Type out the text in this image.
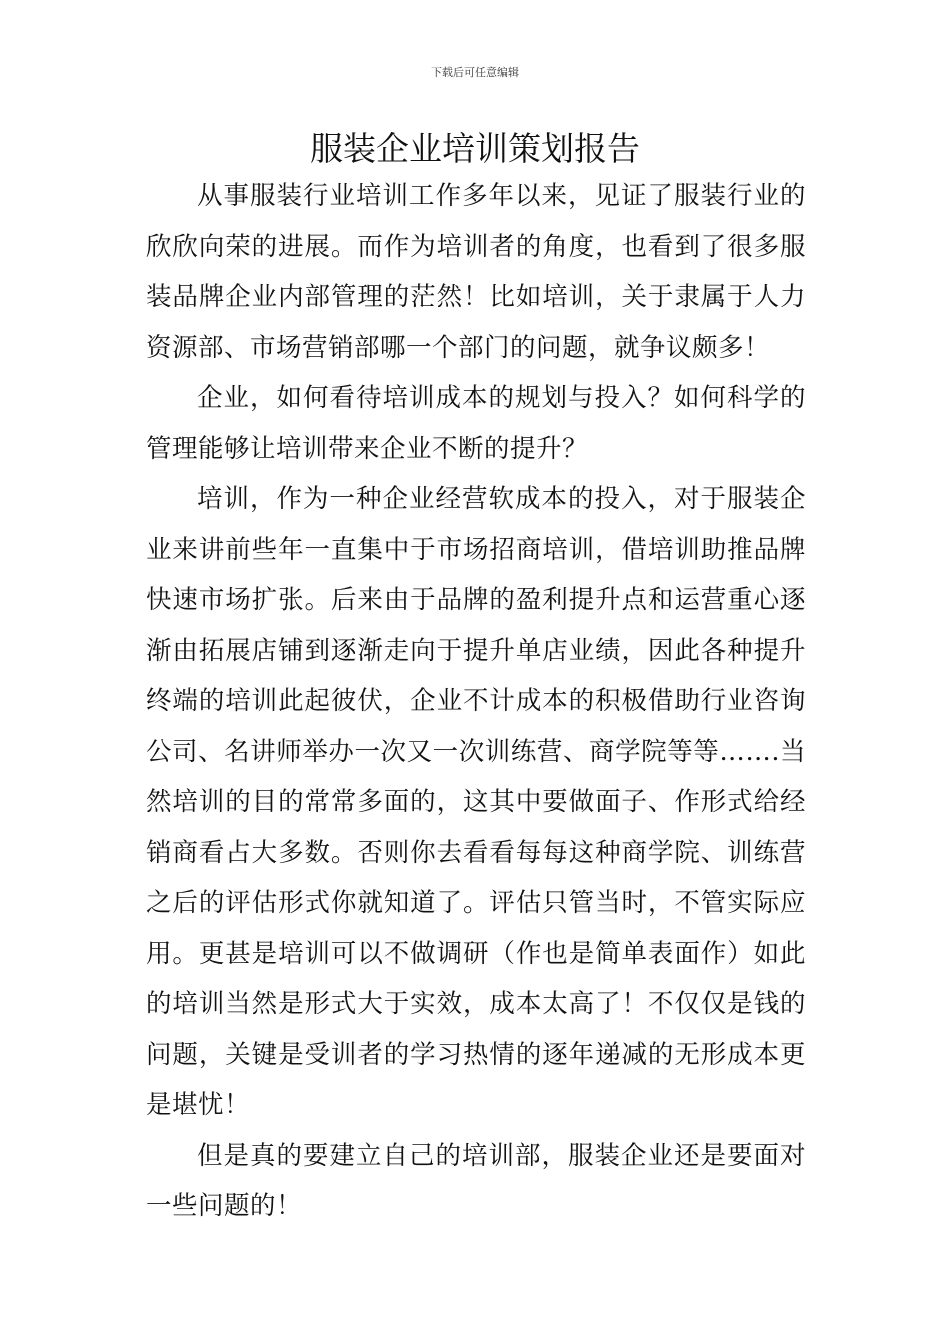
下载后可任意编辑
服装企业培训策划报告

从事服装行业培训工作多年以来，见证了服装行业的欣欣向荣的进展。而作为培训者的角度，也看到了很多服装品牌企业内部管理的茫然！比如培训，关于隶属于人力资源部、市场营销部哪一个部门的问题，就争议颇多！

企业，如何看待培训成本的规划与投入？如何科学的管理能够让培训带来企业不断的提升？

培训，作为一种企业经营软成本的投入，对于服装企业来讲前些年一直集中于市场招商培训，借培训助推品牌快速市场扩张。后来由于品牌的盈利提升点和运营重心逐渐由拓展店铺到逐渐走向于提升单店业绩，因此各种提升终端的培训此起彼伏，企业不计成本的积极借助行业咨询公司、名讲师举办一次又一次训练营、商学院等等…….当然培训的目的常常多面的，这其中要做面子、作形式给经销商看占大多数。否则你去看看每每这种商学院、训练营之后的评估形式你就知道了。评估只管当时，不管实际应用。更甚是培训可以不做调研（作也是简单表面作）如此的培训当然是形式大于实效，成本太高了！不仅仅是钱的问题，关键是受训者的学习热情的逐年递减的无形成本更是堪忧！

但是真的要建立自己的培训部，服装企业还是要面对一些问题的！
